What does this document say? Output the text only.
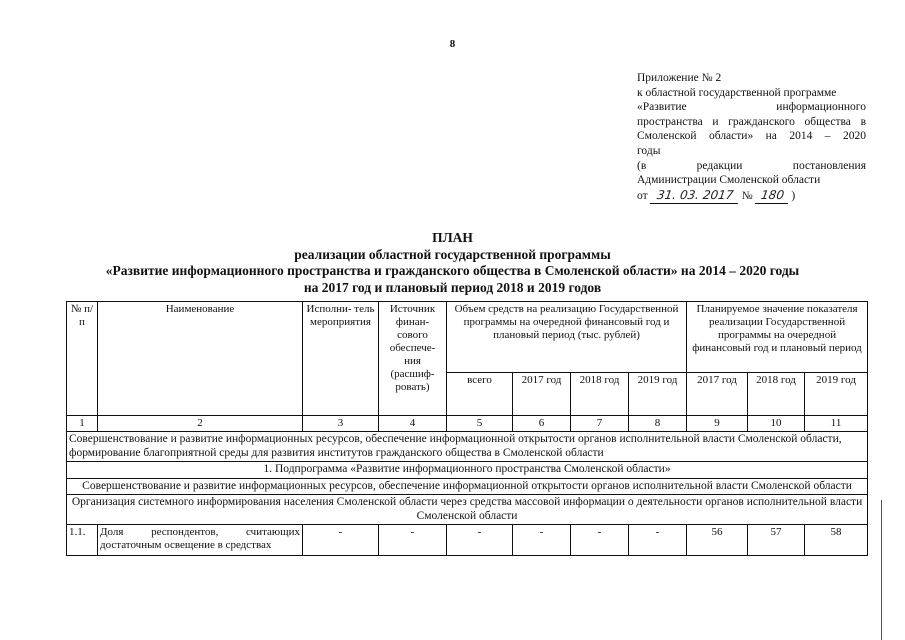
8
Приложение № 2
к областной государственной программе
«Развитие информационного
пространства и гражданского общества в
Смоленской области» на 2014 – 2020
годы
(в редакции постановления
Администрации Смоленской области
от 31. 03. 2017 № 180 )
ПЛАН
реализации областной государственной программы
«Развитие информационного пространства и гражданского общества в Смоленской области» на 2014 – 2020 годы
на 2017 год и плановый период 2018 и 2019 годов
№ п/п	Наименование	Исполни- тель мероприятия	Источник финан- сового обеспече- ния (расшиф- ровать)	Объем средств на реализацию Государственной программы на очередной финансовый год и плановый период (тыс. рублей)				Планируемое значение показателя реализации Государственной программы на очередной финансовый год и плановый период		
				всего	2017 год	2018 год	2019 год	2017 год	2018 год	2019 год
1	2	3	4	5	6	7	8	9	10	11
Совершенствование и развитие информационных ресурсов, обеспечение информационной открытости органов исполнительной власти Смоленской области, формирование благоприятной среды для развития институтов гражданского общества в Смоленской области										
1. Подпрограмма «Развитие информационного пространства Смоленской области»										
Совершенствование и развитие информационных ресурсов, обеспечение информационной открытости органов исполнительной власти Смоленской области										
Организация системного информирования населения Смоленской области через средства массовой информации о деятельности органов исполнительной власти Смоленской области										
1.1.	Доля респондентов, считающих достаточным освещение в средствах	-	-	-	-	-	-	56	57	58
